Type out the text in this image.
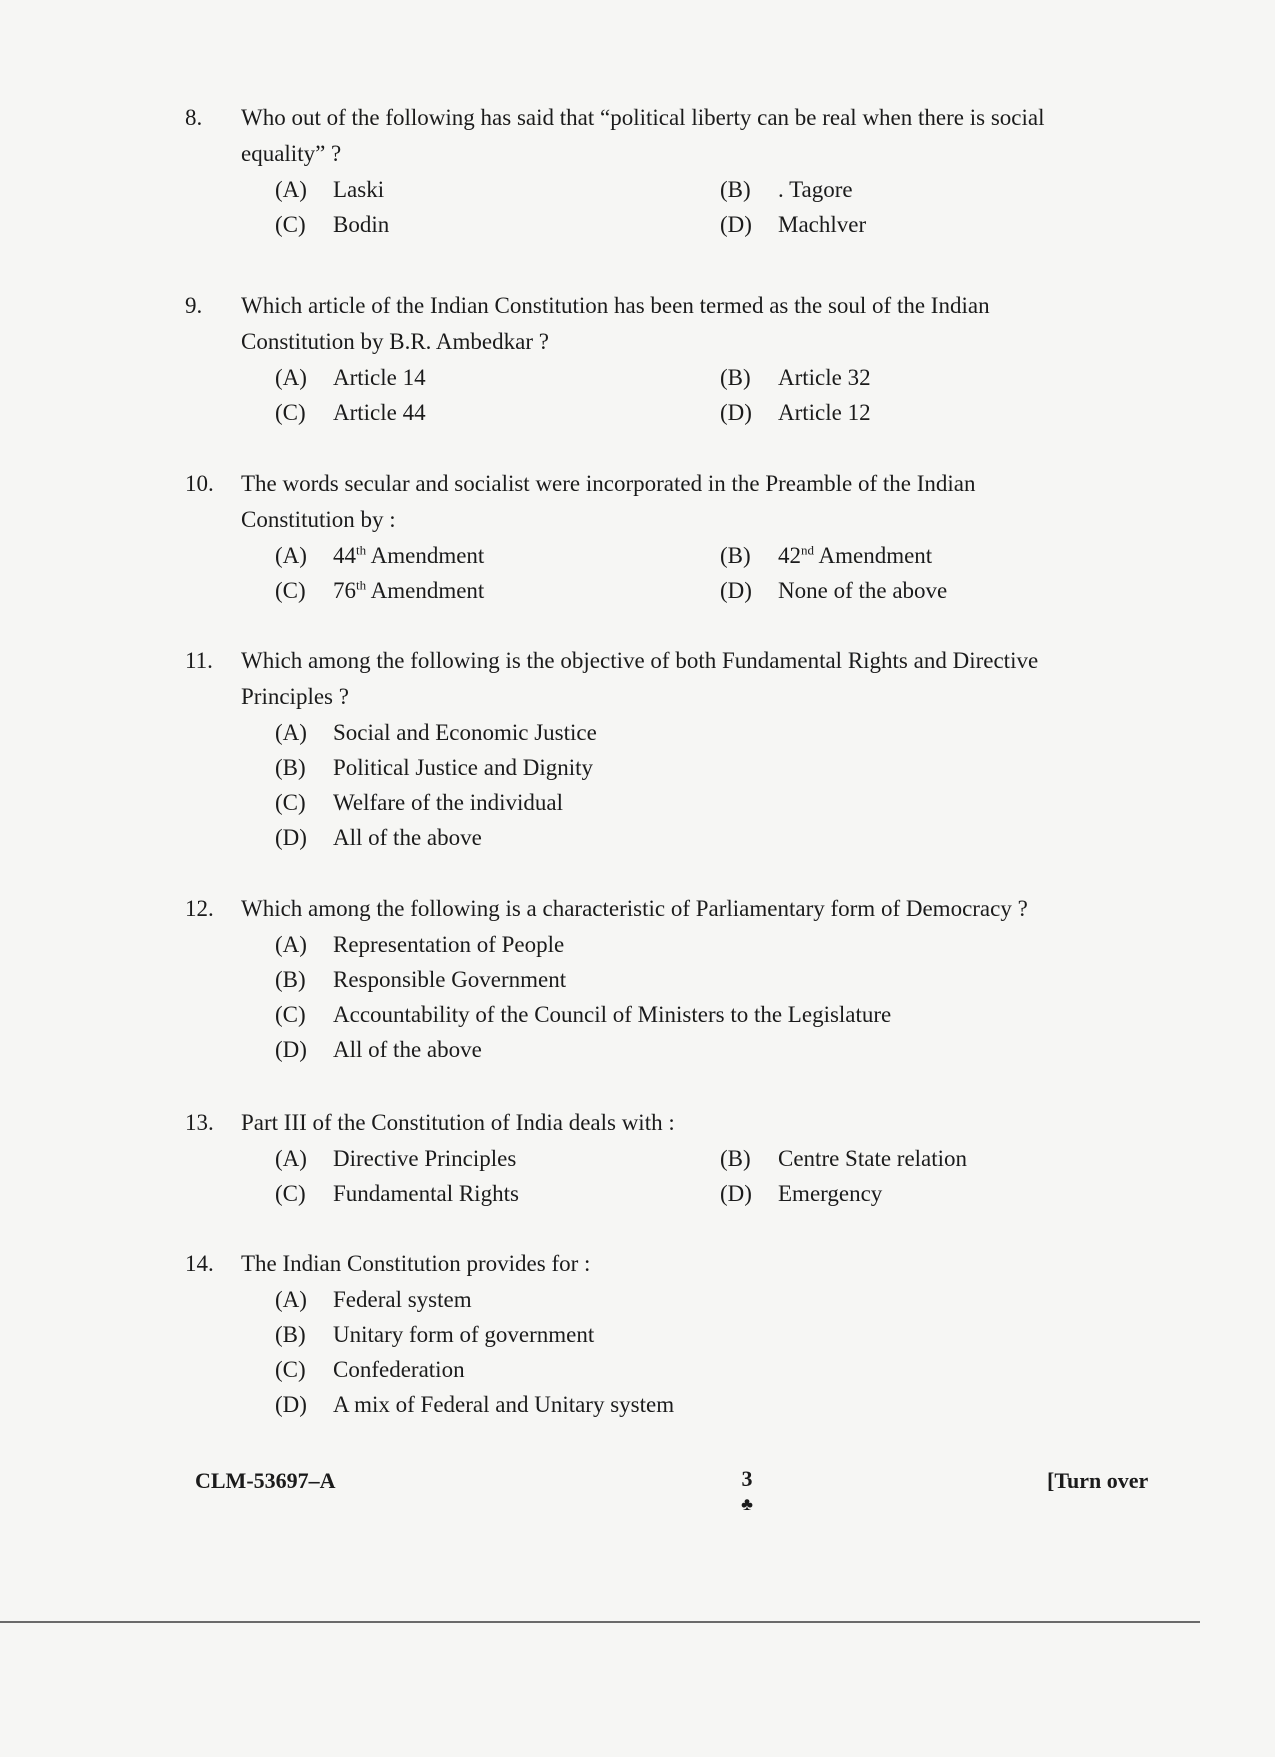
8.	Who out of the following has said that “political liberty can be real when there is social equality” ?
(A)	Laski	(B)	. Tagore
(C)	Bodin	(D)	Machlver
9.	Which article of the Indian Constitution has been termed as the soul of the Indian Constitution by B.R. Ambedkar ?
(A)	Article 14	(B)	Article 32
(C)	Article 44	(D)	Article 12
10.	The words secular and socialist were incorporated in the Preamble of the Indian Constitution by :
(A)	44th Amendment	(B)	42nd Amendment
(C)	76th Amendment	(D)	None of the above
11.	Which among the following is the objective of both Fundamental Rights and Directive Principles ?
(A)	Social and Economic Justice
(B)	Political Justice and Dignity
(C)	Welfare of the individual
(D)	All of the above
12.	Which among the following is a characteristic of Parliamentary form of Democracy ?
(A)	Representation of People
(B)	Responsible Government
(C)	Accountability of the Council of Ministers to the Legislature
(D)	All of the above
13.	Part III of the Constitution of India deals with :
(A)	Directive Principles	(B)	Centre State relation
(C)	Fundamental Rights	(D)	Emergency
14.	The Indian Constitution provides for :
(A)	Federal system
(B)	Unitary form of government
(C)	Confederation
(D)	A mix of Federal and Unitary system
CLM-53697–A	3
♣
[Turn over
